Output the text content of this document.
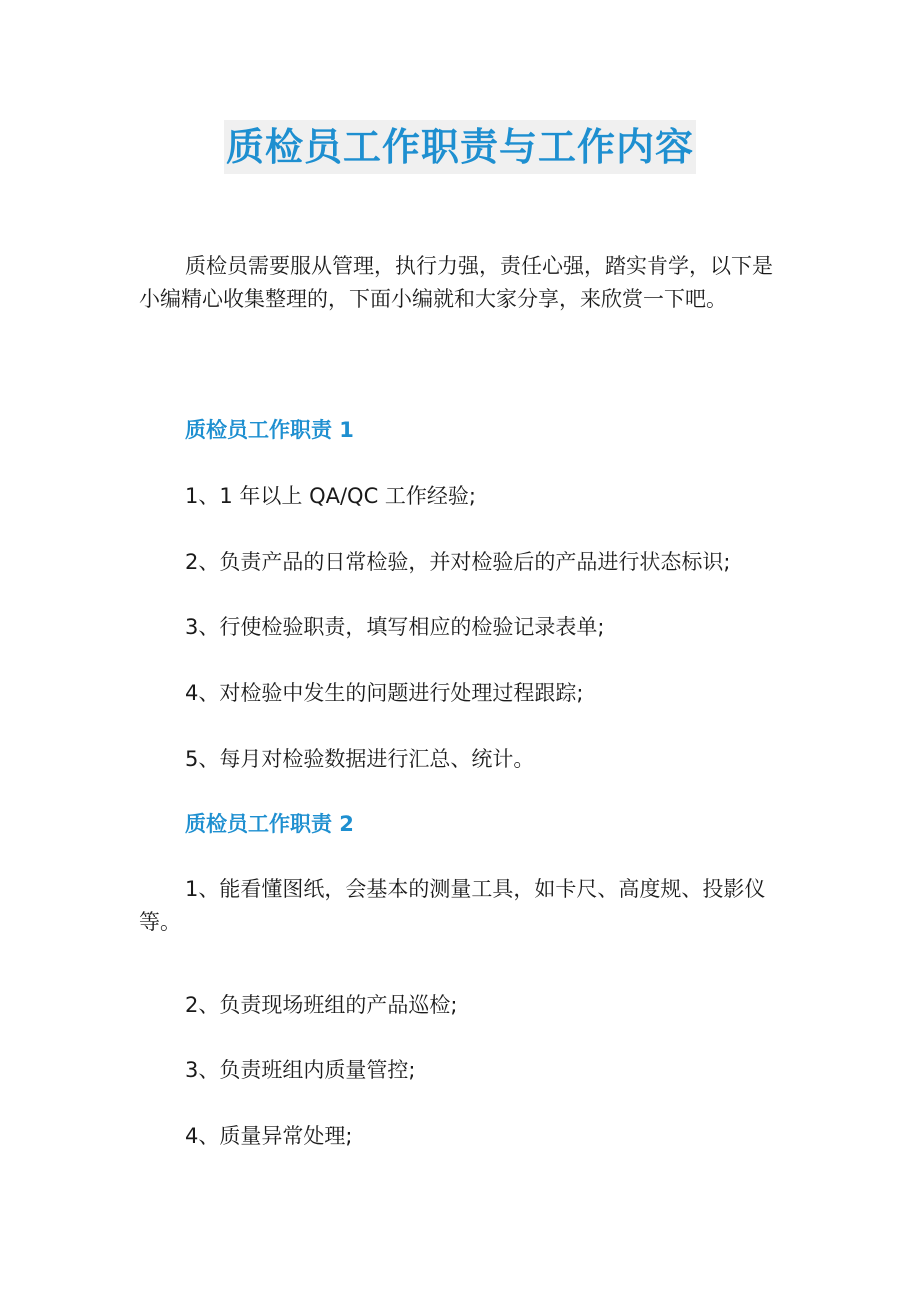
质检员工作职责与工作内容

质检员需要服从管理，执行力强，责任心强，踏实肯学，以下是小编精心收集整理的，下面小编就和大家分享，来欣赏一下吧。

质检员工作职责 1

1、1 年以上 QA/QC 工作经验;

2、负责产品的日常检验，并对检验后的产品进行状态标识;

3、行使检验职责，填写相应的检验记录表单;

4、对检验中发生的问题进行处理过程跟踪;

5、每月对检验数据进行汇总、统计。

质检员工作职责 2

1、能看懂图纸，会基本的测量工具，如卡尺、高度规、投影仪等。

2、负责现场班组的产品巡检;

3、负责班组内质量管控;

4、质量异常处理;
